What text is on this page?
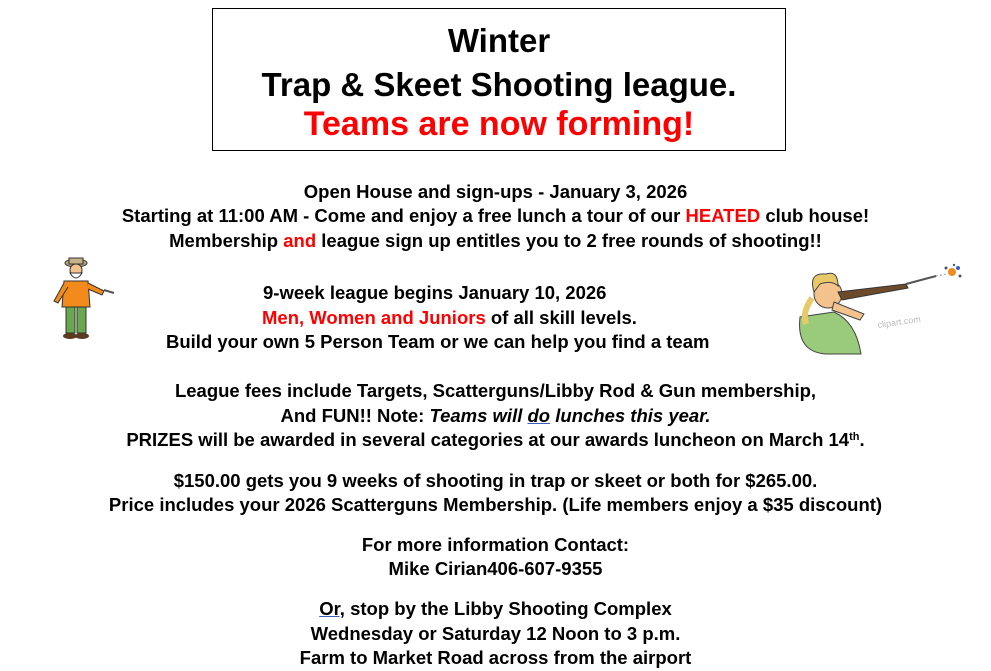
Winter
Trap & Skeet Shooting league.
Teams are now forming!
Open House and sign-ups - January 3, 2026
Starting at 11:00 AM - Come and enjoy a free lunch a tour of our HEATED club house!
Membership and league sign up entitles you to 2 free rounds of shooting!!
9-week league begins January 10, 2026
Men, Women and Juniors of all skill levels.
Build your own 5 Person Team or we can help you find a team
League fees include Targets, Scatterguns/Libby Rod & Gun membership,
And FUN!! Note: Teams will do lunches this year.
PRIZES will be awarded in several categories at our awards luncheon on March 14th.
$150.00 gets you 9 weeks of shooting in trap or skeet or both for $265.00.
Price includes your 2026 Scatterguns Membership. (Life members enjoy a $35 discount)
For more information Contact:
Mike Cirian406-607-9355
Or, stop by the Libby Shooting Complex
Wednesday or Saturday 12 Noon to 3 p.m.
Farm to Market Road across from the airport
clipart.com
